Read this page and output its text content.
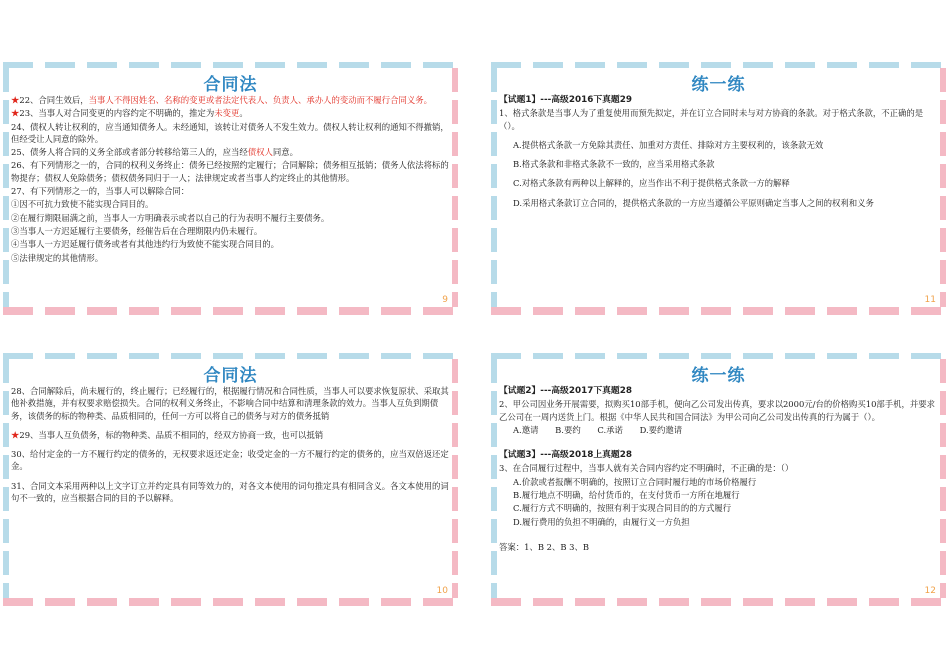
合同法

★22、合同生效后，当事人不得因姓名、名称的变更或者法定代表人、负责人、承办人的变动而不履行合同义务。

★23、当事人对合同变更的内容约定不明确的，推定为未变更。

24、债权人转让权利的，应当通知债务人。未经通知，该转让对债务人不发生效力。债权人转让权利的通知不得撤销，但经受让人同意的除外。

25、债务人将合同的义务全部或者部分转移给第三人的，应当经债权人同意。

26、有下列情形之一的，合同的权利义务终止：债务已经按照约定履行；合同解除；债务相互抵销；债务人依法将标的物提存；债权人免除债务；债权债务同归于一人；法律规定或者当事人约定终止的其他情形。

27、有下列情形之一的，当事人可以解除合同：

①因不可抗力致使不能实现合同目的。

②在履行期限届满之前，当事人一方明确表示或者以自己的行为表明不履行主要债务。

③当事人一方迟延履行主要债务，经催告后在合理期限内仍未履行。

④当事人一方迟延履行债务或者有其他违约行为致使不能实现合同目的。

⑤法律规定的其他情形。

9
练一练

【试题1】---高级2016下真题29

1、格式条款是当事人为了重复使用而预先拟定，并在订立合同时未与对方协商的条款。对于格式条款，不正确的是（）。

A.提供格式条款一方免除其责任、加重对方责任、排除对方主要权利的，该条款无效

B.格式条款和非格式条款不一致的，应当采用格式条款

C.对格式条款有两种以上解释的，应当作出不利于提供格式条款一方的解释

D.采用格式条款订立合同的，提供格式条款的一方应当遵循公平原则确定当事人之间的权利和义务

11
合同法

28、合同解除后，尚未履行的，终止履行；已经履行的，根据履行情况和合同性质，当事人可以要求恢复原状、采取其他补救措施，并有权要求赔偿损失。合同的权利义务终止，不影响合同中结算和清理条款的效力。当事人互负到期债务，该债务的标的物种类、品质相同的，任何一方可以将自己的债务与对方的债务抵销

★29、当事人互负债务，标的物种类、品质不相同的，经双方协商一致，也可以抵销

30、给付定金的一方不履行约定的债务的，无权要求返还定金；收受定金的一方不履行约定的债务的，应当双倍返还定金。

31、合同文本采用两种以上文字订立并约定具有同等效力的，对各文本使用的词句推定具有相同含义。各文本使用的词句不一致的，应当根据合同的目的予以解释。

10
练一练

【试题2】---高级2017下真题28

2、甲公司因业务开展需要，拟购买10部手机，便向乙公司发出传真，要求以2000元/台的价格购买10部手机，并要求乙公司在一周内送货上门。根据《中华人民共和国合同法》为甲公司向乙公司发出传真的行为属于（）。

A.邀请 B.要约 C.承诺 D.要约邀请

【试题3】---高级2018上真题28

3、在合同履行过程中，当事人就有关合同内容约定不明确时，不正确的是：（）

A.价款或者报酬不明确的，按照订立合同时履行地的市场价格履行

B.履行地点不明确，给付货币的，在支付货币一方所在地履行

C.履行方式不明确的，按照有利于实现合同目的的方式履行

D.履行费用的负担不明确的，由履行义一方负担

答案：1、B 2、B 3、B

12
